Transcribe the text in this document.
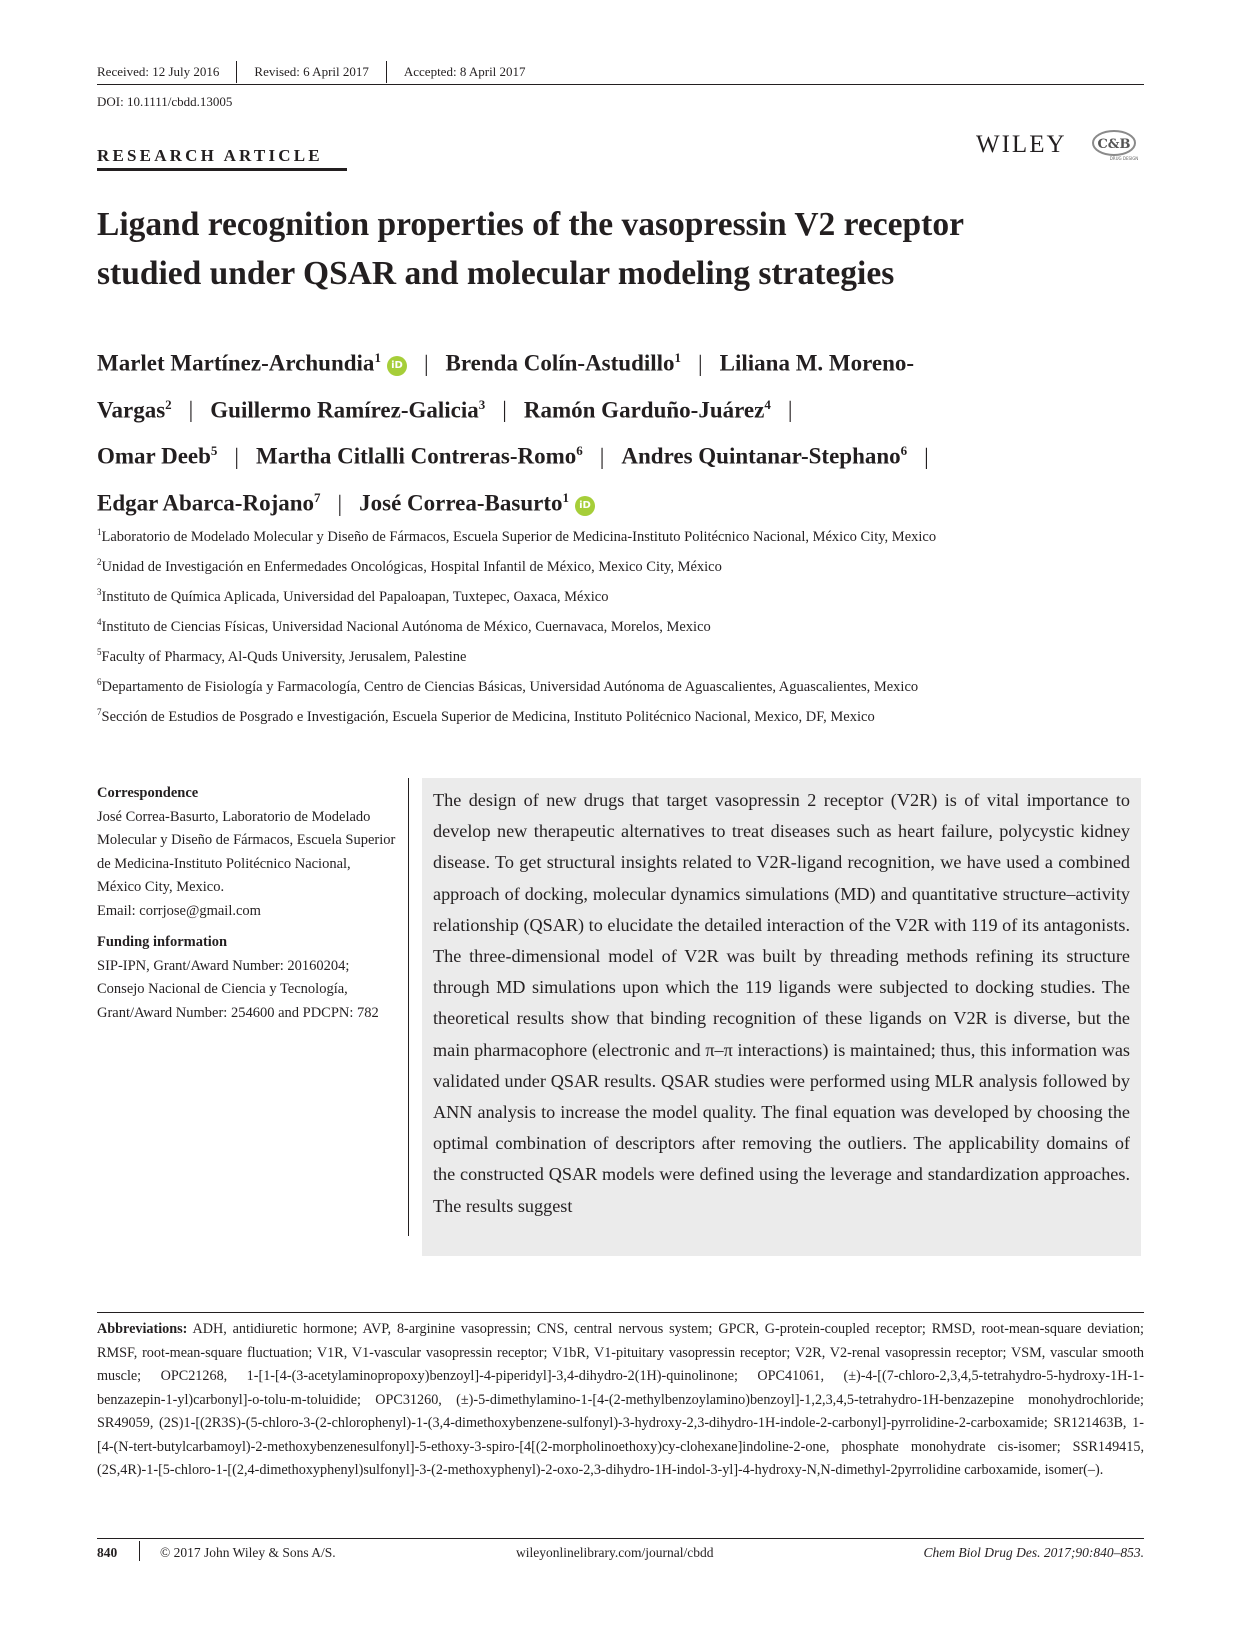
Received: 12 July 2016	Revised: 6 April 2017	Accepted: 8 April 2017
DOI: 10.1111/cbdd.13005
RESEARCH ARTICLE	WILEY C&B
DRUG DESIGN
Ligand recognition properties of the vasopressin V2 receptor
studied under QSAR and molecular modeling strategies
Marlet Martínez-Archundia$^1$iD | Brenda Colín-Astudillo$^1$ | Liliana M. Moreno-
Vargas$^2$ | Guillermo Ramírez-Galicia$^3$ | Ramón Garduño-Juárez$^4$ |
Omar Deeb$^5$ | Martha Citlalli Contreras-Romo$^6$ | Andres Quintanar-Stephano$^6$ |
Edgar Abarca-Rojano$^7$ | José Correa-Basurto$^1$iD
$^1$Laboratorio de Modelado Molecular y Diseño de Fármacos, Escuela Superior de Medicina-Instituto Politécnico Nacional, México City, Mexico
$^2$Unidad de Investigación en Enfermedades Oncológicas, Hospital Infantil de México, Mexico City, México
$^3$Instituto de Química Aplicada, Universidad del Papaloapan, Tuxtepec, Oaxaca, México
$^4$Instituto de Ciencias Físicas, Universidad Nacional Autónoma de México, Cuernavaca, Morelos, Mexico
$^5$Faculty of Pharmacy, Al-Quds University, Jerusalem, Palestine
$^6$Departamento de Fisiología y Farmacología, Centro de Ciencias Básicas, Universidad Autónoma de Aguascalientes, Aguascalientes, Mexico
$^7$Sección de Estudios de Posgrado e Investigación, Escuela Superior de Medicina, Instituto Politécnico Nacional, Mexico, DF, Mexico
Correspondence
José Correa-Basurto, Laboratorio de Modelado Molecular y Diseño de Fármacos, Escuela Superior de Medicina-Instituto Politécnico Nacional, México City, Mexico.
Email: corrjose@gmail.com
Funding information
SIP-IPN, Grant/Award Number: 20160204; Consejo Nacional de Ciencia y Tecnología, Grant/Award Number: 254600 and PDCPN: 782
The design of new drugs that target vasopressin 2 receptor (V2R) is of vital importance to develop new therapeutic alternatives to treat diseases such as heart failure, polycystic kidney disease. To get structural insights related to V2R-ligand recognition, we have used a combined approach of docking, molecular dynamics simulations (MD) and quantitative structure–activity relationship (QSAR) to elucidate the detailed interaction of the V2R with 119 of its antagonists. The three-dimensional model of V2R was built by threading methods refining its structure through MD simulations upon which the 119 ligands were subjected to docking studies. The theoretical results show that binding recognition of these ligands on V2R is diverse, but the main pharmacophore (electronic and π–π interactions) is maintained; thus, this information was validated under QSAR results. QSAR studies were performed using MLR analysis followed by ANN analysis to increase the model quality. The final equation was developed by choosing the optimal combination of descriptors after removing the outliers. The applicability domains of the constructed QSAR models were defined using the leverage and standardization approaches. The results suggest
Abbreviations: ADH, antidiuretic hormone; AVP, 8-arginine vasopressin; CNS, central nervous system; GPCR, G-protein-coupled receptor; RMSD, root-mean-square deviation; RMSF, root-mean-square fluctuation; V1R, V1-vascular vasopressin receptor; V1bR, V1-pituitary vasopressin receptor; V2R, V2-renal vasopressin receptor; VSM, vascular smooth muscle; OPC21268, 1-[1-[4-(3-acetylaminopropoxy)benzoyl]-4-piperidyl]-3,4-dihydro-2(1H)-quinolinone; OPC41061, (±)-4-[(7-chloro-2,3,4,5-tetrahydro-5-hydroxy-1H-1-benzazepin-1-yl)carbonyl]-o-tolu-m-toluidide; OPC31260, (±)-5-dimethylamino-1-[4-(2-methylbenzoylamino)benzoyl]-1,2,3,4,5-tetrahydro-1H-benzazepine monohydrochloride; SR49059, (2S)1-[(2R3S)-(5-chloro-3-(2-chlorophenyl)-1-(3,4-dimethoxybenzene-sulfonyl)-3-hydroxy-2,3-dihydro-1H-indole-2-carbonyl]-pyrrolidine-2-carboxamide; SR121463B, 1-[4-(N-tert-butylcarbamoyl)-2-methoxybenzenesulfonyl]-5-ethoxy-3-spiro-[4[(2-morpholinoethoxy)cy-clohexane]indoline-2-one, phosphate monohydrate cis-isomer; SSR149415, (2S,4R)-1-[5-chloro-1-[(2,4-dimethoxyphenyl)sulfonyl]-3-(2-methoxyphenyl)-2-oxo-2,3-dihydro-1H-indol-3-yl]-4-hydroxy-N,N-dimethyl-2pyrrolidine carboxamide, isomer(–).
840	© 2017 John Wiley & Sons A/S.	wileyonlinelibrary.com/journal/cbdd	Chem Biol Drug Des. 2017;90:840–853.
